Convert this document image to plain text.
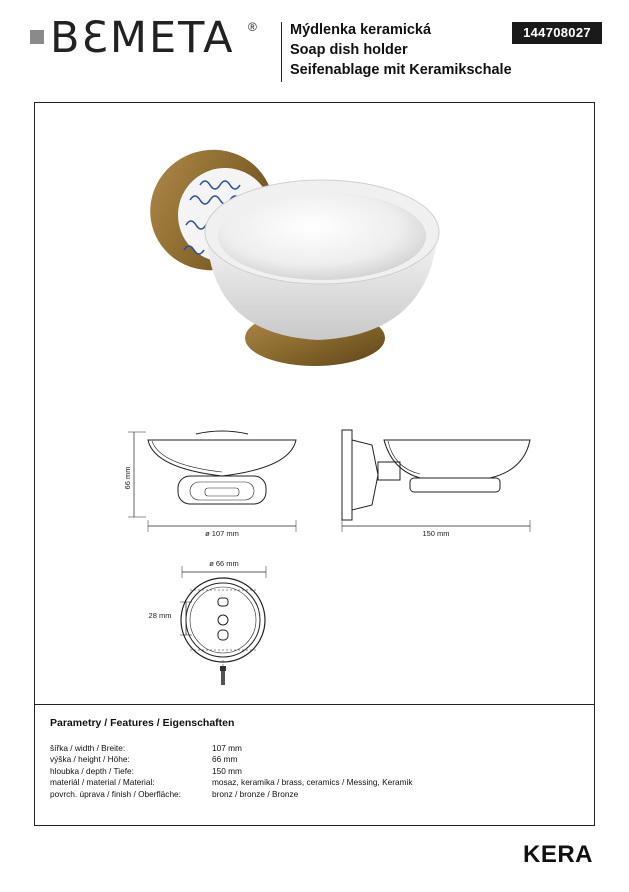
BƐMETA ® Mýdlenka keramická
Soap dish holder
Seifenablage mit Keramikschale
144708027
66 mm
ø 107 mm	150 mm
ø 66 mm
28 mm
Parametry / Features / Eigenschaften
šířka / width / Breite:	107 mm
výška / height / Höhe:	66 mm
hloubka / depth / Tiefe:	150 mm
materiál / material / Material:	mosaz, keramika / brass, ceramics / Messing, Keramik
povrch. úprava / finish / Oberfläche:	bronz / bronze / Bronze
KERA
